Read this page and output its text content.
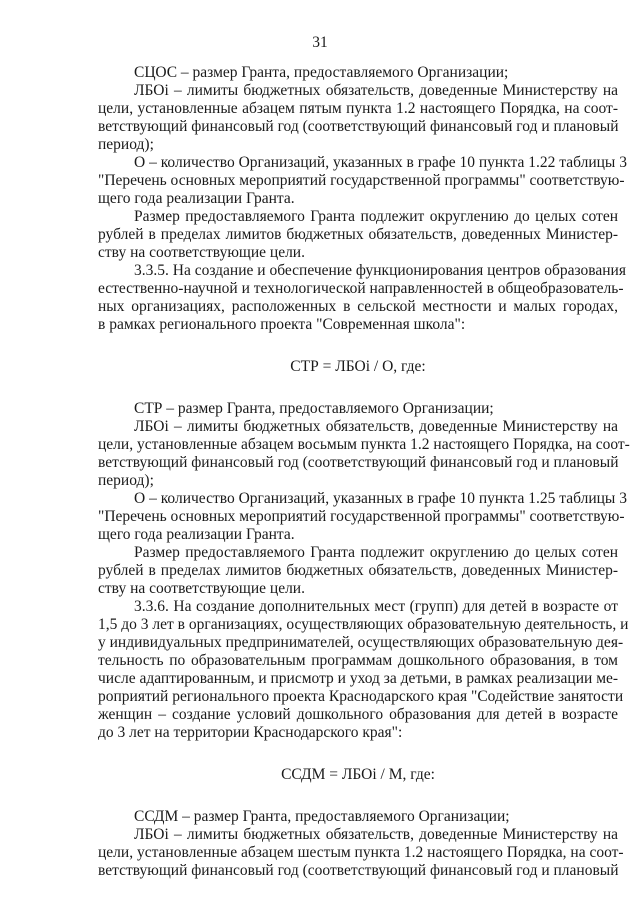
31
СЦОС – размер Гранта, предоставляемого Организации;
ЛБОi – лимиты бюджетных обязательств, доведенные Министерству на
цели, установленные абзацем пятым пункта 1.2 настоящего Порядка, на соот-
ветствующий финансовый год (соответствующий финансовый год и плановый
период);
О – количество Организаций, указанных в графе 10 пункта 1.22 таблицы 3
"Перечень основных мероприятий государственной программы" соответствую-
щего года реализации Гранта.
Размер предоставляемого Гранта подлежит округлению до целых сотен
рублей в пределах лимитов бюджетных обязательств, доведенных Министер-
ству на соответствующие цели.
3.3.5. На создание и обеспечение функционирования центров образования
естественно-научной и технологической направленностей в общеобразователь-
ных организациях, расположенных в сельской местности и малых городах,
в рамках регионального проекта "Современная школа":
СТР = ЛБОi / О, где:
СТР – размер Гранта, предоставляемого Организации;
ЛБОi – лимиты бюджетных обязательств, доведенные Министерству на
цели, установленные абзацем восьмым пункта 1.2 настоящего Порядка, на соот-
ветствующий финансовый год (соответствующий финансовый год и плановый
период);
О – количество Организаций, указанных в графе 10 пункта 1.25 таблицы 3
"Перечень основных мероприятий государственной программы" соответствую-
щего года реализации Гранта.
Размер предоставляемого Гранта подлежит округлению до целых сотен
рублей в пределах лимитов бюджетных обязательств, доведенных Министер-
ству на соответствующие цели.
3.3.6. На создание дополнительных мест (групп) для детей в возрасте от
1,5 до 3 лет в организациях, осуществляющих образовательную деятельность, и
у индивидуальных предпринимателей, осуществляющих образовательную дея-
тельность по образовательным программам дошкольного образования, в том
числе адаптированным, и присмотр и уход за детьми, в рамках реализации ме-
роприятий регионального проекта Краснодарского края "Содействие занятости
женщин – создание условий дошкольного образования для детей в возрасте
до 3 лет на территории Краснодарского края":
ССДМ = ЛБОi / М, где:
ССДМ – размер Гранта, предоставляемого Организации;
ЛБОi – лимиты бюджетных обязательств, доведенные Министерству на
цели, установленные абзацем шестым пункта 1.2 настоящего Порядка, на соот-
ветствующий финансовый год (соответствующий финансовый год и плановый
